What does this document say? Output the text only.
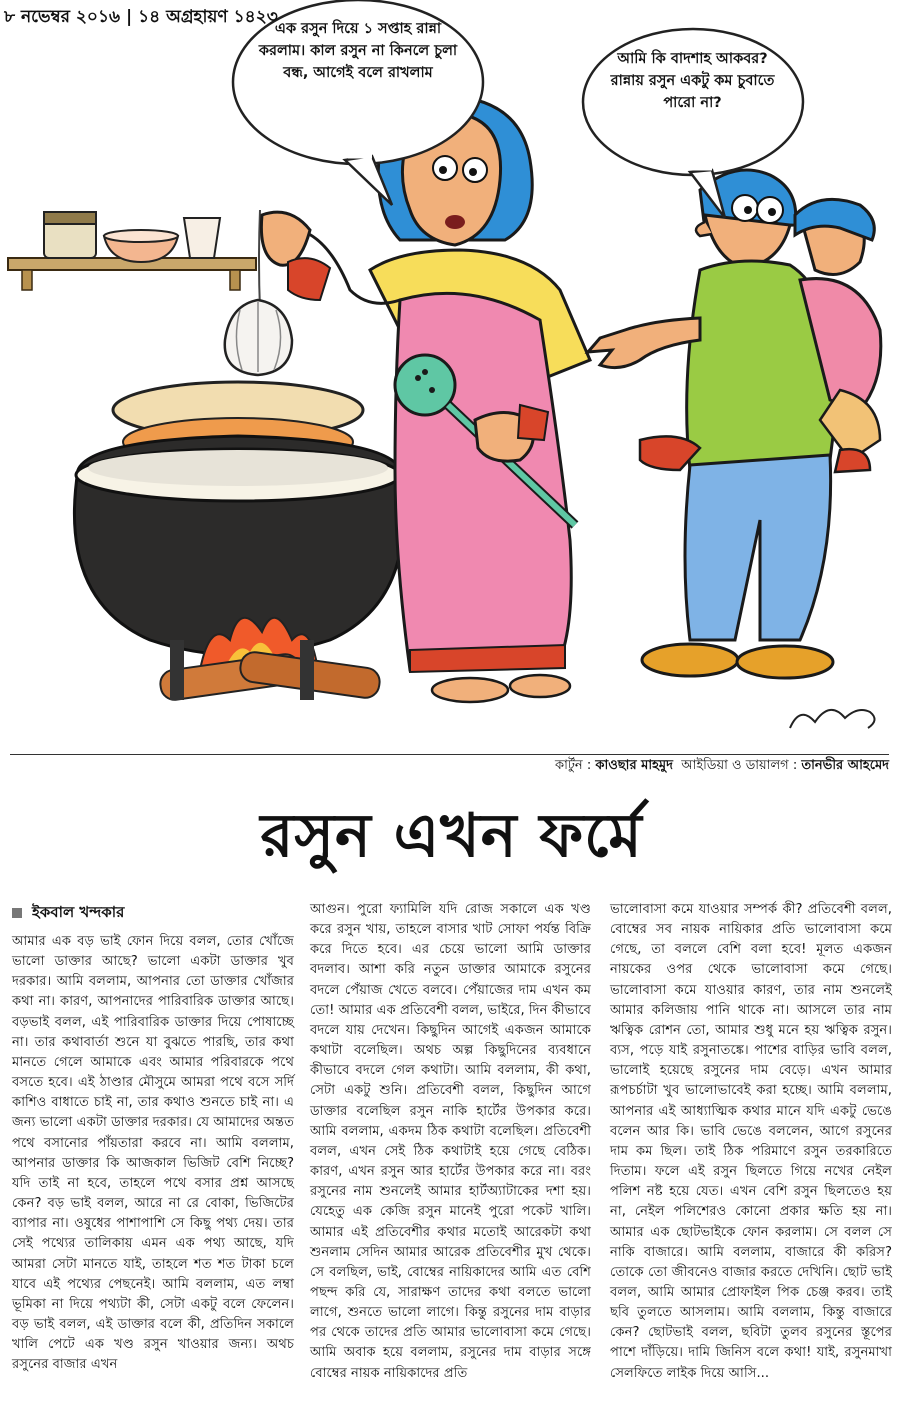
৮ নভেম্বর ২০১৬ | ১৪ অগ্রহায়ণ ১৪২৩
এক রসুন দিয়ে ১ সপ্তাহ রান্না করলাম। কাল রসুন না কিনলে চুলা বন্ধ, আগেই বলে রাখলাম
আমি কি বাদশাহ আকবর? রান্নায় রসুন একটু কম চুবাতে পারো না?
কার্টুন : কাওছার মাহমুদ আইডিয়া ও ডায়ালগ : তানভীর আহমেদ
রসুন এখন ফর্মে
ইকবাল খন্দকার

আমার এক বড় ভাই ফোন দিয়ে বলল, তোর খোঁজে ভালো ডাক্তার আছে? ভালো একটা ডাক্তার খুব দরকার। আমি বললাম, আপনার তো ডাক্তার খোঁজার কথা না। কারণ, আপনাদের পারিবারিক ডাক্তার আছে। বড়ভাই বলল, এই পারিবারিক ডাক্তার দিয়ে পোষাচ্ছে না। তার কথাবার্তা শুনে যা বুঝতে পারছি, তার কথা মানতে গেলে আমাকে এবং আমার পরিবারকে পথে বসতে হবে। এই ঠাণ্ডার মৌসুমে আমরা পথে বসে সর্দি কাশিও বাধাতে চাই না, তার কথাও শুনতে চাই না। এ জন্য ভালো একটা ডাক্তার দরকার। যে আমাদের অন্তত পথে বসানোর পাঁয়তারা করবে না। আমি বললাম, আপনার ডাক্তার কি আজকাল ভিজিট বেশি নিচ্ছে? যদি তাই না হবে, তাহলে পথে বসার প্রশ্ন আসছে কেন? বড় ভাই বলল, আরে না রে বোকা, ভিজিটের ব্যাপার না। ওষুধের পাশাপাশি সে কিছু পথ্য দেয়। তার সেই পথ্যের তালিকায় এমন এক পথ্য আছে, যদি আমরা সেটা মানতে যাই, তাহলে শত শত টাকা চলে যাবে এই পথ্যের পেছনেই। আমি বললাম, এত লম্বা ভূমিকা না দিয়ে পথ্যটা কী, সেটা একটু বলে ফেলেন। বড় ভাই বলল, এই ডাক্তার বলে কী, প্রতিদিন সকালে খালি পেটে এক খণ্ড রসুন খাওয়ার জন্য। অথচ রসুনের বাজার এখন

আগুন। পুরো ফ্যামিলি যদি রোজ সকালে এক খণ্ড করে রসুন খায়, তাহলে বাসার খাট সোফা পর্যন্ত বিক্রি করে দিতে হবে। এর চেয়ে ভালো আমি ডাক্তার বদলাব। আশা করি নতুন ডাক্তার আমাকে রসুনের বদলে পেঁয়াজ খেতে বলবে। পেঁয়াজের দাম এখন কম তো! আমার এক প্রতিবেশী বলল, ভাইরে, দিন কীভাবে বদলে যায় দেখেন। কিছুদিন আগেই একজন আমাকে কথাটা বলেছিল। অথচ অল্প কিছুদিনের ব্যবধানে কীভাবে বদলে গেল কথাটা। আমি বললাম, কী কথা, সেটা একটু শুনি। প্রতিবেশী বলল, কিছুদিন আগে ডাক্তার বলেছিল রসুন নাকি হার্টের উপকার করে। আমি বললাম, একদম ঠিক কথাটা বলেছিল। প্রতিবেশী বলল, এখন সেই ঠিক কথাটাই হয়ে গেছে বেঠিক। কারণ, এখন রসুন আর হার্টের উপকার করে না। বরং রসুনের নাম শুনলেই আমার হার্টঅ্যাটাকের দশা হয়। যেহেতু এক কেজি রসুন মানেই পুরো পকেট খালি। আমার এই প্রতিবেশীর কথার মতোই আরেকটা কথা শুনলাম সেদিন আমার আরেক প্রতিবেশীর মুখ থেকে। সে বলছিল, ভাই, বোম্বের নায়িকাদের আমি এত বেশি পছন্দ করি যে, সারাক্ষণ তাদের কথা বলতে ভালো লাগে, শুনতে ভালো লাগে। কিন্তু রসুনের দাম বাড়ার পর থেকে তাদের প্রতি আমার ভালোবাসা কমে গেছে। আমি অবাক হয়ে বললাম, রসুনের দাম বাড়ার সঙ্গে বোম্বের নায়ক নায়িকাদের প্রতি

ভালোবাসা কমে যাওয়ার সম্পর্ক কী? প্রতিবেশী বলল, বোম্বের সব নায়ক নায়িকার প্রতি ভালোবাসা কমে গেছে, তা বললে বেশি বলা হবে! মূলত একজন নায়কের ওপর থেকে ভালোবাসা কমে গেছে। ভালোবাসা কমে যাওয়ার কারণ, তার নাম শুনলেই আমার কলিজায় পানি থাকে না। আসলে তার নাম ঋত্বিক রোশন তো, আমার শুধু মনে হয় ঋত্বিক রসুন। ব্যস, পড়ে যাই রসুনাতঙ্কে। পাশের বাড়ির ভাবি বলল, ভালোই হয়েছে রসুনের দাম বেড়ে। এখন আমার রূপচর্চাটা খুব ভালোভাবেই করা হচ্ছে। আমি বললাম, আপনার এই আধ্যাত্মিক কথার মানে যদি একটু ভেঙে বলেন আর কি। ভাবি ভেঙে বললেন, আগে রসুনের দাম কম ছিল। তাই ঠিক পরিমাণে রসুন তরকারিতে দিতাম। ফলে এই রসুন ছিলতে গিয়ে নখের নেইল পলিশ নষ্ট হয়ে যেত। এখন বেশি রসুন ছিলতেও হয় না, নেইল পলিশেরও কোনো প্রকার ক্ষতি হয় না। আমার এক ছোটভাইকে ফোন করলাম। সে বলল সে নাকি বাজারে। আমি বললাম, বাজারে কী করিস? তোকে তো জীবনেও বাজার করতে দেখিনি। ছোট ভাই বলল, আমি আমার প্রোফাইল পিক চেঞ্জ করব। তাই ছবি তুলতে আসলাম। আমি বললাম, কিন্তু বাজারে কেন? ছোটভাই বলল, ছবিটা তুলব রসুনের স্তূপের পাশে দাঁড়িয়ে। দামি জিনিস বলে কথা! যাই, রসুনমাখা সেলফিতে লাইক দিয়ে আসি...
